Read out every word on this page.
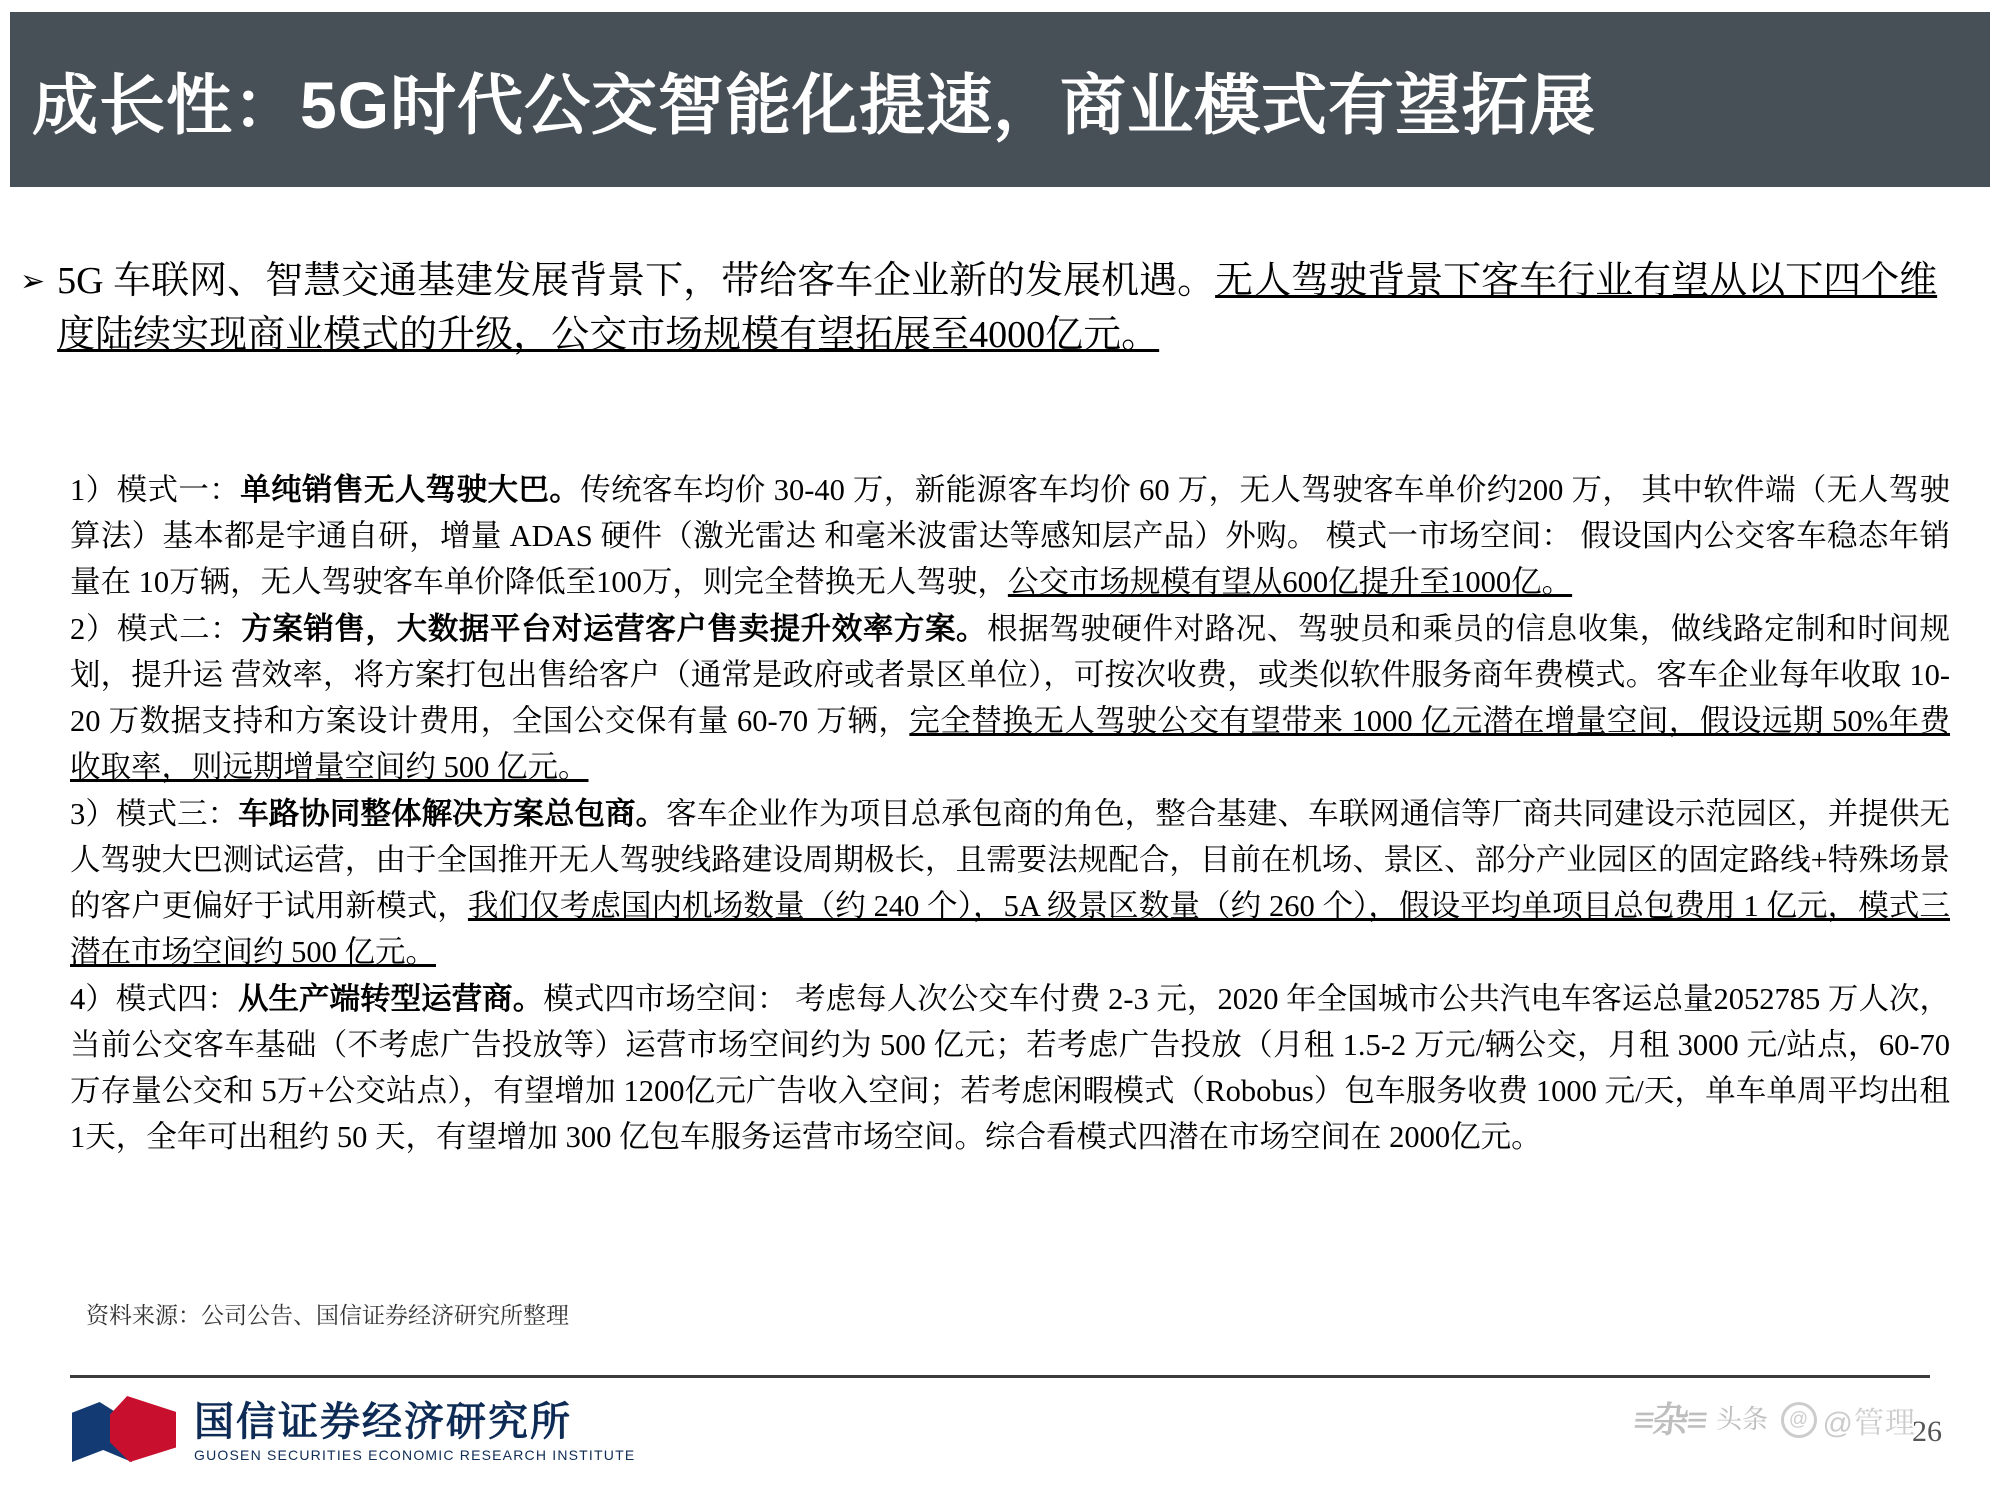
成长性：5G时代公交智能化提速，商业模式有望拓展
➢ 5G 车联网、智慧交通基建发展背景下，带给客车企业新的发展机遇。无人驾驶背景下客车行业有望从以下四个维度陆续实现商业模式的升级，公交市场规模有望拓展至4000亿元。

1）模式一：单纯销售无人驾驶大巴。传统客车均价 30-40 万，新能源客车均价 60 万，无人驾驶客车单价约200 万， 其中软件端（无人驾驶算法）基本都是宇通自研，增量 ADAS 硬件（激光雷达 和毫米波雷达等感知层产品）外购。 模式一市场空间： 假设国内公交客车稳态年销量在 10万辆，无人驾驶客车单价降低至100万，则完全替换无人驾驶，公交市场规模有望从600亿提升至1000亿。

2）模式二：方案销售，大数据平台对运营客户售卖提升效率方案。根据驾驶硬件对路况、驾驶员和乘员的信息收集，做线路定制和时间规划，提升运 营效率，将方案打包出售给客户（通常是政府或者景区单位），可按次收费，或类似软件服务商年费模式。客车企业每年收取 10-20 万数据支持和方案设计费用，全国公交保有量 60-70 万辆，完全替换无人驾驶公交有望带来 1000 亿元潜在增量空间，假设远期 50%年费收取率，则远期增量空间约 500 亿元。

3）模式三：车路协同整体解决方案总包商。客车企业作为项目总承包商的角色，整合基建、车联网通信等厂商共同建设示范园区，并提供无人驾驶大巴测试运营，由于全国推开无人驾驶线路建设周期极长，且需要法规配合，目前在机场、景区、部分产业园区的固定路线+特殊场景的客户更偏好于试用新模式，我们仅考虑国内机场数量（约 240 个），5A 级景区数量（约 260 个），假设平均单项目总包费用 1 亿元，模式三潜在市场空间约 500 亿元。

4）模式四：从生产端转型运营商。模式四市场空间： 考虑每人次公交车付费 2-3 元，2020 年全国城市公共汽电车客运总量2052785 万人次，当前公交客车基础（不考虑广告投放等）运营市场空间约为 500 亿元；若考虑广告投放（月租 1.5-2 万元/辆公交，月租 3000 元/站点，60-70万存量公交和 5万+公交站点），有望增加 1200亿元广告收入空间；若考虑闲暇模式（Robobus）包车服务收费 1000 元/天，单车单周平均出租 1天，全年可出租约 50 天，有望增加 300 亿包车服务运营市场空间。综合看模式四潜在市场空间在 2000亿元。

资料来源：公司公告、国信证券经济研究所整理
国信证券经济研究所
GUOSEN SECURITIES ECONOMIC RESEARCH INSTITUTE
≡杂≡ 头条	@ @管理
26
